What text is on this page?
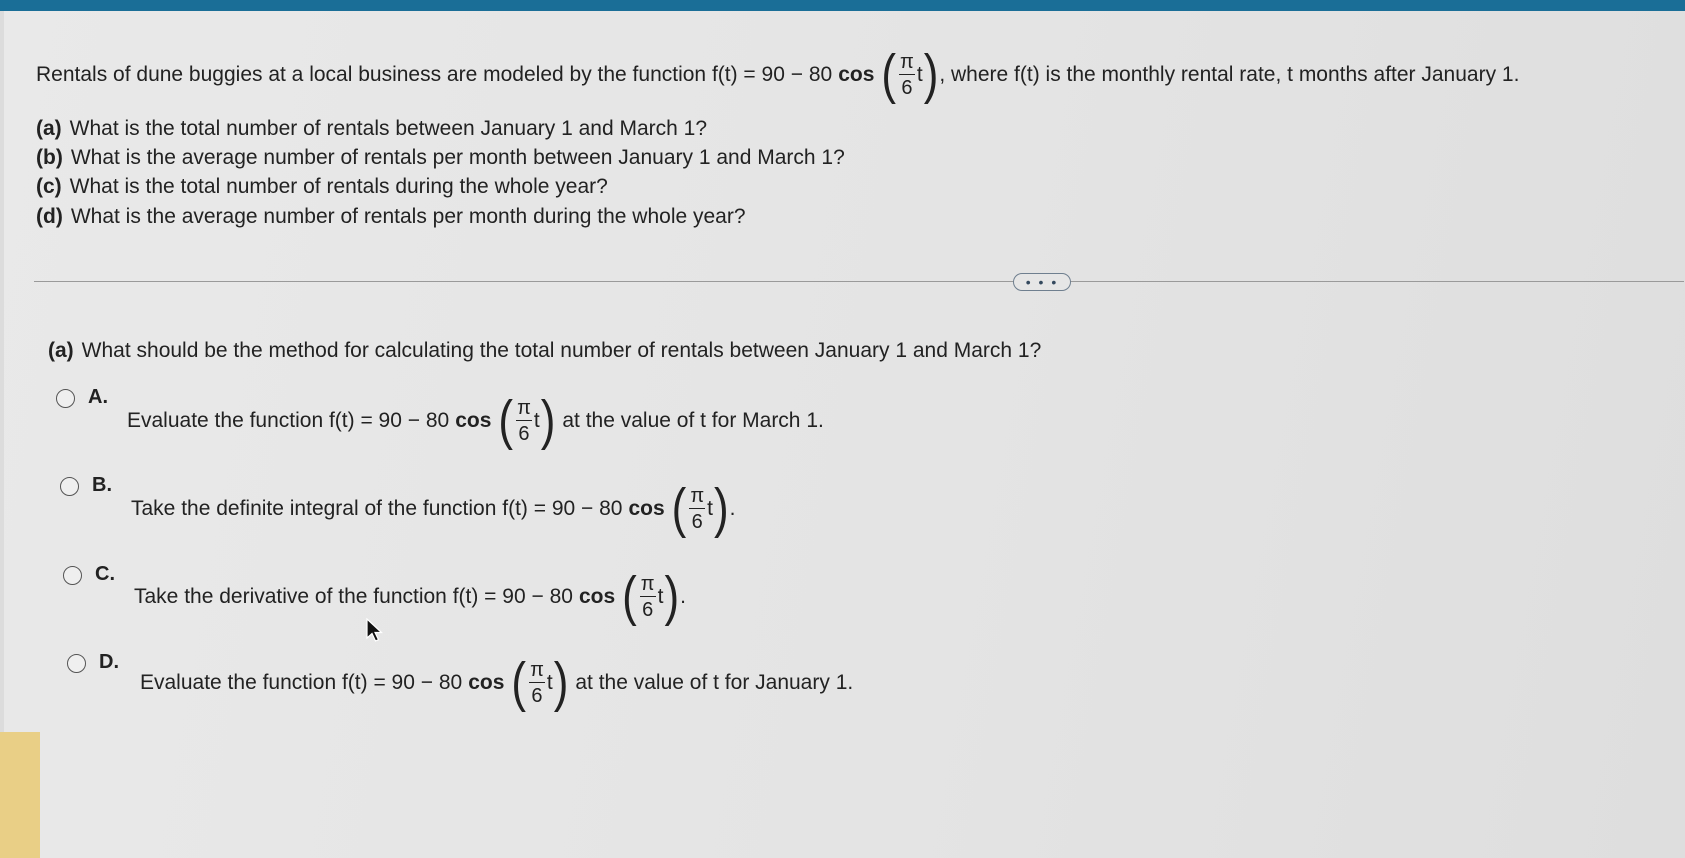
Rentals of dune buggies at a local business are modeled by the function f(t) = 90 − 80 cos ( $\frac{\pi}{6}$ t ) , where f(t) is the monthly rental rate, t months after January 1.
(a) What is the total number of rentals between January 1 and March 1?
(b) What is the average number of rentals per month between January 1 and March 1?
(c) What is the total number of rentals during the whole year?
(d) What is the average number of rentals per month during the whole year?
• • •
(a) What should be the method for calculating the total number of rentals between January 1 and March 1?
A.
Evaluate the function f(t) = 90 − 80 cos ( $\frac{\pi}{6}$ t ) at the value of t for March 1.
B.
Take the definite integral of the function f(t) = 90 − 80 cos ( $\frac{\pi}{6}$ t ) .
C.
Take the derivative of the function f(t) = 90 − 80 cos ( $\frac{\pi}{6}$ t ) .
D.
Evaluate the function f(t) = 90 − 80 cos ( $\frac{\pi}{6}$ t ) at the value of t for January 1.
